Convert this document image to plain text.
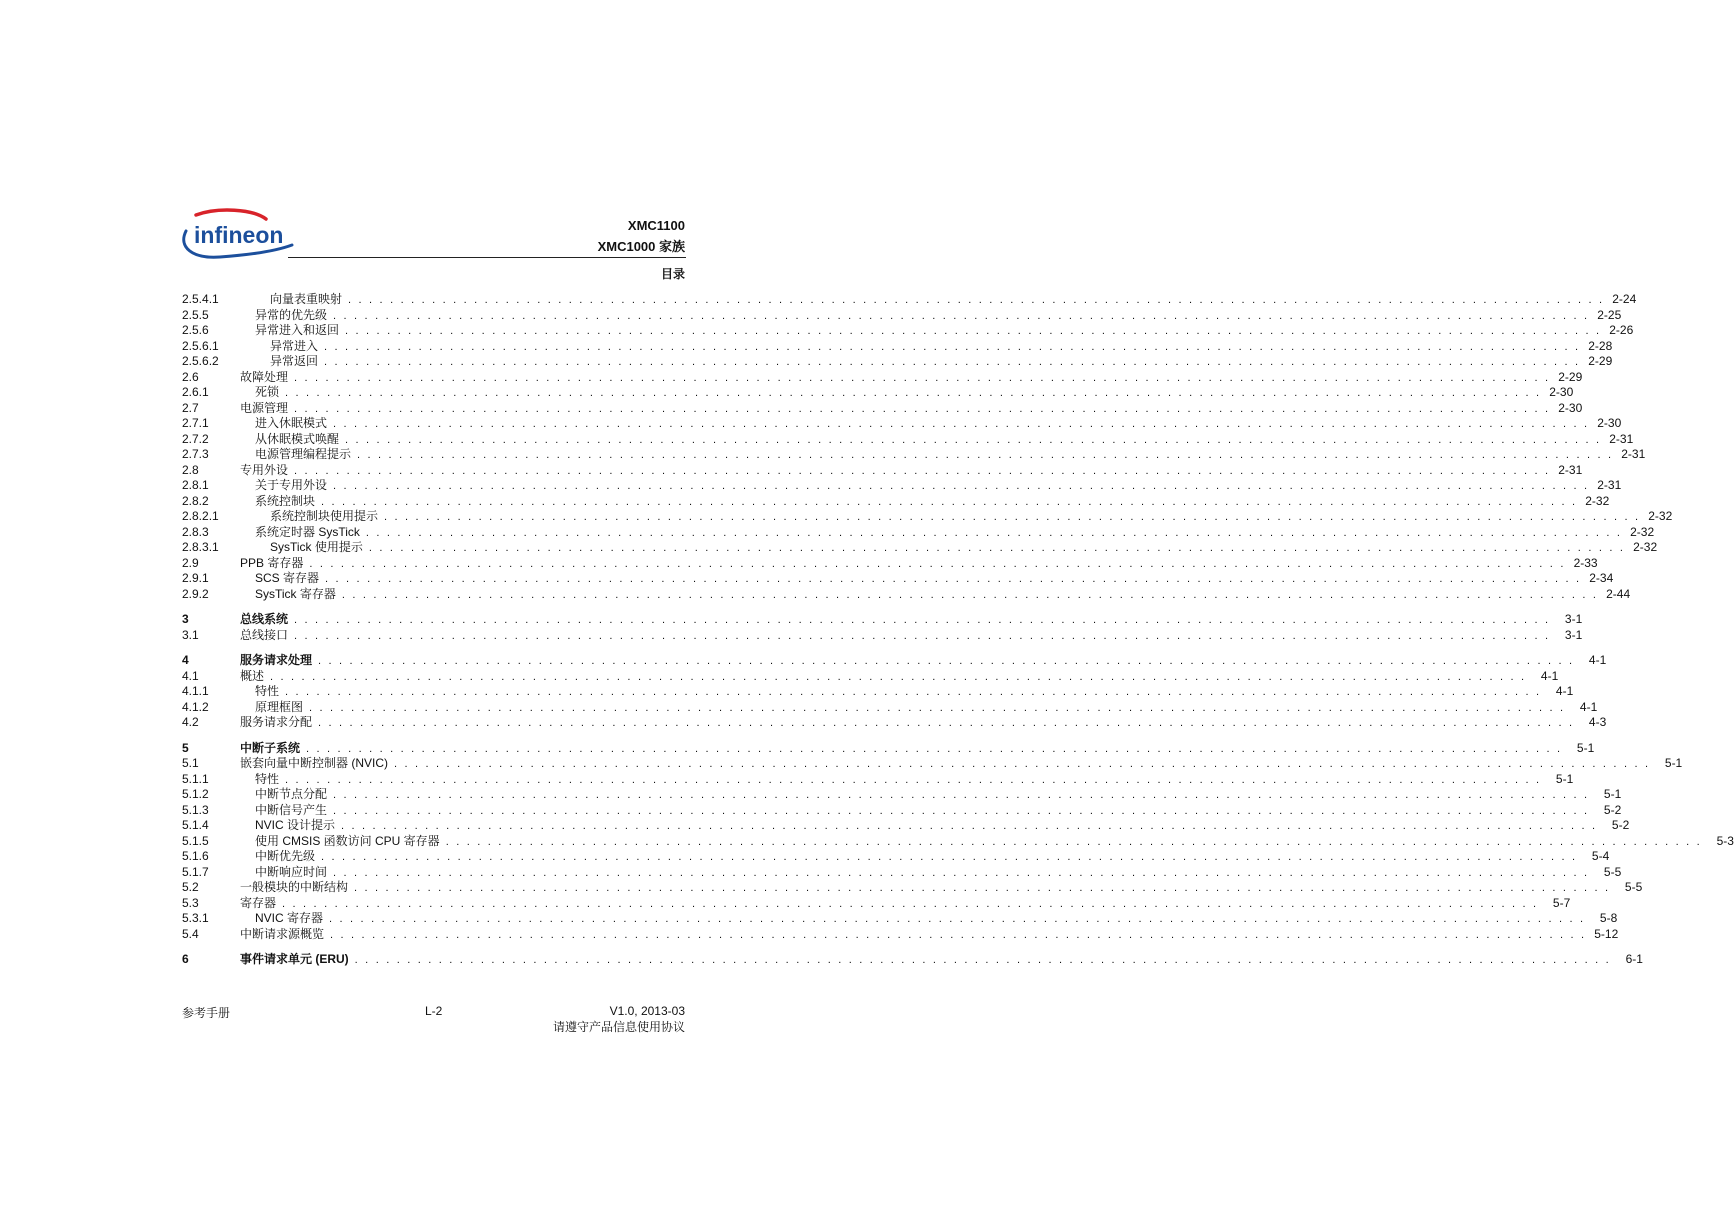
infineon	XMC1100
XMC1000 家族
目录
2.5.4.1	向量表重映射 . . . . . . . . . . . . . . . . . . . . . . . . . . . . . . . . . . . . . . . . . . . . . . . . . . . . . . . . . . . . . . . . . . . . . . . . . . . . . . . . . . . . . . . . . . . . . . . . . . . . . . . . . . . . . . . . . . . . . . . . 2-24
2.5.5	异常的优先级 . . . . . . . . . . . . . . . . . . . . . . . . . . . . . . . . . . . . . . . . . . . . . . . . . . . . . . . . . . . . . . . . . . . . . . . . . . . . . . . . . . . . . . . . . . . . . . . . . . . . . . . . . . . . . . . . . . . . . . . . 2-25
2.5.6	异常进入和返回 . . . . . . . . . . . . . . . . . . . . . . . . . . . . . . . . . . . . . . . . . . . . . . . . . . . . . . . . . . . . . . . . . . . . . . . . . . . . . . . . . . . . . . . . . . . . . . . . . . . . . . . . . . . . . . . . . . . . . . . . 2-26
2.5.6.1	异常进入 . . . . . . . . . . . . . . . . . . . . . . . . . . . . . . . . . . . . . . . . . . . . . . . . . . . . . . . . . . . . . . . . . . . . . . . . . . . . . . . . . . . . . . . . . . . . . . . . . . . . . . . . . . . . . . . . . . . . . . . . 2-28
2.5.6.2	异常返回 . . . . . . . . . . . . . . . . . . . . . . . . . . . . . . . . . . . . . . . . . . . . . . . . . . . . . . . . . . . . . . . . . . . . . . . . . . . . . . . . . . . . . . . . . . . . . . . . . . . . . . . . . . . . . . . . . . . . . . . . 2-29
2.6	故障处理 . . . . . . . . . . . . . . . . . . . . . . . . . . . . . . . . . . . . . . . . . . . . . . . . . . . . . . . . . . . . . . . . . . . . . . . . . . . . . . . . . . . . . . . . . . . . . . . . . . . . . . . . . . . . . . . . . . . . . . . . 2-29
2.6.1	死锁 . . . . . . . . . . . . . . . . . . . . . . . . . . . . . . . . . . . . . . . . . . . . . . . . . . . . . . . . . . . . . . . . . . . . . . . . . . . . . . . . . . . . . . . . . . . . . . . . . . . . . . . . . . . . . . . . . . . . . . . . 2-30
2.7	电源管理 . . . . . . . . . . . . . . . . . . . . . . . . . . . . . . . . . . . . . . . . . . . . . . . . . . . . . . . . . . . . . . . . . . . . . . . . . . . . . . . . . . . . . . . . . . . . . . . . . . . . . . . . . . . . . . . . . . . . . . . . 2-30
2.7.1	进入休眠模式 . . . . . . . . . . . . . . . . . . . . . . . . . . . . . . . . . . . . . . . . . . . . . . . . . . . . . . . . . . . . . . . . . . . . . . . . . . . . . . . . . . . . . . . . . . . . . . . . . . . . . . . . . . . . . . . . . . . . . . . . 2-30
2.7.2	从休眠模式唤醒 . . . . . . . . . . . . . . . . . . . . . . . . . . . . . . . . . . . . . . . . . . . . . . . . . . . . . . . . . . . . . . . . . . . . . . . . . . . . . . . . . . . . . . . . . . . . . . . . . . . . . . . . . . . . . . . . . . . . . . . . 2-31
2.7.3	电源管理编程提示 . . . . . . . . . . . . . . . . . . . . . . . . . . . . . . . . . . . . . . . . . . . . . . . . . . . . . . . . . . . . . . . . . . . . . . . . . . . . . . . . . . . . . . . . . . . . . . . . . . . . . . . . . . . . . . . . . . . . . . . . 2-31
2.8	专用外设 . . . . . . . . . . . . . . . . . . . . . . . . . . . . . . . . . . . . . . . . . . . . . . . . . . . . . . . . . . . . . . . . . . . . . . . . . . . . . . . . . . . . . . . . . . . . . . . . . . . . . . . . . . . . . . . . . . . . . . . . 2-31
2.8.1	关于专用外设 . . . . . . . . . . . . . . . . . . . . . . . . . . . . . . . . . . . . . . . . . . . . . . . . . . . . . . . . . . . . . . . . . . . . . . . . . . . . . . . . . . . . . . . . . . . . . . . . . . . . . . . . . . . . . . . . . . . . . . . . 2-31
2.8.2	系统控制块 . . . . . . . . . . . . . . . . . . . . . . . . . . . . . . . . . . . . . . . . . . . . . . . . . . . . . . . . . . . . . . . . . . . . . . . . . . . . . . . . . . . . . . . . . . . . . . . . . . . . . . . . . . . . . . . . . . . . . . . . 2-32
2.8.2.1	系统控制块使用提示 . . . . . . . . . . . . . . . . . . . . . . . . . . . . . . . . . . . . . . . . . . . . . . . . . . . . . . . . . . . . . . . . . . . . . . . . . . . . . . . . . . . . . . . . . . . . . . . . . . . . . . . . . . . . . . . . . . . . . . . . 2-32
2.8.3	系统定时器 SysTick . . . . . . . . . . . . . . . . . . . . . . . . . . . . . . . . . . . . . . . . . . . . . . . . . . . . . . . . . . . . . . . . . . . . . . . . . . . . . . . . . . . . . . . . . . . . . . . . . . . . . . . . . . . . . . . . . . . . . . . . 2-32
2.8.3.1	SysTick 使用提示 . . . . . . . . . . . . . . . . . . . . . . . . . . . . . . . . . . . . . . . . . . . . . . . . . . . . . . . . . . . . . . . . . . . . . . . . . . . . . . . . . . . . . . . . . . . . . . . . . . . . . . . . . . . . . . . . . . . . . . . . 2-32
2.9	PPB 寄存器 . . . . . . . . . . . . . . . . . . . . . . . . . . . . . . . . . . . . . . . . . . . . . . . . . . . . . . . . . . . . . . . . . . . . . . . . . . . . . . . . . . . . . . . . . . . . . . . . . . . . . . . . . . . . . . . . . . . . . . . . 2-33
2.9.1	SCS 寄存器 . . . . . . . . . . . . . . . . . . . . . . . . . . . . . . . . . . . . . . . . . . . . . . . . . . . . . . . . . . . . . . . . . . . . . . . . . . . . . . . . . . . . . . . . . . . . . . . . . . . . . . . . . . . . . . . . . . . . . . . . 2-34
2.9.2	SysTick 寄存器 . . . . . . . . . . . . . . . . . . . . . . . . . . . . . . . . . . . . . . . . . . . . . . . . . . . . . . . . . . . . . . . . . . . . . . . . . . . . . . . . . . . . . . . . . . . . . . . . . . . . . . . . . . . . . . . . . . . . . . . . 2-44
3	总线系统 . . . . . . . . . . . . . . . . . . . . . . . . . . . . . . . . . . . . . . . . . . . . . . . . . . . . . . . . . . . . . . . . . . . . . . . . . . . . . . . . . . . . . . . . . . . . . . . . . . . . . . . . . . . . . . . . . . . . . . . .	3-1
3.1	总线接口 . . . . . . . . . . . . . . . . . . . . . . . . . . . . . . . . . . . . . . . . . . . . . . . . . . . . . . . . . . . . . . . . . . . . . . . . . . . . . . . . . . . . . . . . . . . . . . . . . . . . . . . . . . . . . . . . . . . . . . . .	3-1
4	服务请求处理 . . . . . . . . . . . . . . . . . . . . . . . . . . . . . . . . . . . . . . . . . . . . . . . . . . . . . . . . . . . . . . . . . . . . . . . . . . . . . . . . . . . . . . . . . . . . . . . . . . . . . . . . . . . . . . . . . . . . . . . .	4-1
4.1	概述 . . . . . . . . . . . . . . . . . . . . . . . . . . . . . . . . . . . . . . . . . . . . . . . . . . . . . . . . . . . . . . . . . . . . . . . . . . . . . . . . . . . . . . . . . . . . . . . . . . . . . . . . . . . . . . . . . . . . . . . .	4-1
4.1.1	特性 . . . . . . . . . . . . . . . . . . . . . . . . . . . . . . . . . . . . . . . . . . . . . . . . . . . . . . . . . . . . . . . . . . . . . . . . . . . . . . . . . . . . . . . . . . . . . . . . . . . . . . . . . . . . . . . . . . . . . . . .	4-1
4.1.2	原理框图 . . . . . . . . . . . . . . . . . . . . . . . . . . . . . . . . . . . . . . . . . . . . . . . . . . . . . . . . . . . . . . . . . . . . . . . . . . . . . . . . . . . . . . . . . . . . . . . . . . . . . . . . . . . . . . . . . . . . . . . .	4-1
4.2	服务请求分配 . . . . . . . . . . . . . . . . . . . . . . . . . . . . . . . . . . . . . . . . . . . . . . . . . . . . . . . . . . . . . . . . . . . . . . . . . . . . . . . . . . . . . . . . . . . . . . . . . . . . . . . . . . . . . . . . . . . . . . . .	4-3
5	中断子系统 . . . . . . . . . . . . . . . . . . . . . . . . . . . . . . . . . . . . . . . . . . . . . . . . . . . . . . . . . . . . . . . . . . . . . . . . . . . . . . . . . . . . . . . . . . . . . . . . . . . . . . . . . . . . . . . . . . . . . . . .	5-1
5.1	嵌套向量中断控制器 (NVIC) . . . . . . . . . . . . . . . . . . . . . . . . . . . . . . . . . . . . . . . . . . . . . . . . . . . . . . . . . . . . . . . . . . . . . . . . . . . . . . . . . . . . . . . . . . . . . . . . . . . . . . . . . . . . . . . . . . . . . . . .	5-1
5.1.1	特性 . . . . . . . . . . . . . . . . . . . . . . . . . . . . . . . . . . . . . . . . . . . . . . . . . . . . . . . . . . . . . . . . . . . . . . . . . . . . . . . . . . . . . . . . . . . . . . . . . . . . . . . . . . . . . . . . . . . . . . . .	5-1
5.1.2	中断节点分配 . . . . . . . . . . . . . . . . . . . . . . . . . . . . . . . . . . . . . . . . . . . . . . . . . . . . . . . . . . . . . . . . . . . . . . . . . . . . . . . . . . . . . . . . . . . . . . . . . . . . . . . . . . . . . . . . . . . . . . . .	5-1
5.1.3	中断信号产生 . . . . . . . . . . . . . . . . . . . . . . . . . . . . . . . . . . . . . . . . . . . . . . . . . . . . . . . . . . . . . . . . . . . . . . . . . . . . . . . . . . . . . . . . . . . . . . . . . . . . . . . . . . . . . . . . . . . . . . . .	5-2
5.1.4	NVIC 设计提示 . . . . . . . . . . . . . . . . . . . . . . . . . . . . . . . . . . . . . . . . . . . . . . . . . . . . . . . . . . . . . . . . . . . . . . . . . . . . . . . . . . . . . . . . . . . . . . . . . . . . . . . . . . . . . . . . . . . . . . . .	5-2
5.1.5	使用 CMSIS 函数访问 CPU 寄存器 . . . . . . . . . . . . . . . . . . . . . . . . . . . . . . . . . . . . . . . . . . . . . . . . . . . . . . . . . . . . . . . . . . . . . . . . . . . . . . . . . . . . . . . . . . . . . . . . . . . . . . . . . . . . . . . . . . . . . . . .	5-3
5.1.6	中断优先级 . . . . . . . . . . . . . . . . . . . . . . . . . . . . . . . . . . . . . . . . . . . . . . . . . . . . . . . . . . . . . . . . . . . . . . . . . . . . . . . . . . . . . . . . . . . . . . . . . . . . . . . . . . . . . . . . . . . . . . . .	5-4
5.1.7	中断响应时间 . . . . . . . . . . . . . . . . . . . . . . . . . . . . . . . . . . . . . . . . . . . . . . . . . . . . . . . . . . . . . . . . . . . . . . . . . . . . . . . . . . . . . . . . . . . . . . . . . . . . . . . . . . . . . . . . . . . . . . . .	5-5
5.2	一般模块的中断结构 . . . . . . . . . . . . . . . . . . . . . . . . . . . . . . . . . . . . . . . . . . . . . . . . . . . . . . . . . . . . . . . . . . . . . . . . . . . . . . . . . . . . . . . . . . . . . . . . . . . . . . . . . . . . . . . . . . . . . . . .	5-5
5.3	寄存器 . . . . . . . . . . . . . . . . . . . . . . . . . . . . . . . . . . . . . . . . . . . . . . . . . . . . . . . . . . . . . . . . . . . . . . . . . . . . . . . . . . . . . . . . . . . . . . . . . . . . . . . . . . . . . . . . . . . . . . . .	5-7
5.3.1	NVIC 寄存器 . . . . . . . . . . . . . . . . . . . . . . . . . . . . . . . . . . . . . . . . . . . . . . . . . . . . . . . . . . . . . . . . . . . . . . . . . . . . . . . . . . . . . . . . . . . . . . . . . . . . . . . . . . . . . . . . . . . . . . . .	5-8
5.4	中断请求源概览 . . . . . . . . . . . . . . . . . . . . . . . . . . . . . . . . . . . . . . . . . . . . . . . . . . . . . . . . . . . . . . . . . . . . . . . . . . . . . . . . . . . . . . . . . . . . . . . . . . . . . . . . . . . . . . . . . . . . . . . . 5-12
6	事件请求单元 (ERU) . . . . . . . . . . . . . . . . . . . . . . . . . . . . . . . . . . . . . . . . . . . . . . . . . . . . . . . . . . . . . . . . . . . . . . . . . . . . . . . . . . . . . . . . . . . . . . . . . . . . . . . . . . . . . . . . . . . . . . . .	6-1
参考手册	L-2	V1.0, 2013-03
请遵守产品信息使用协议
